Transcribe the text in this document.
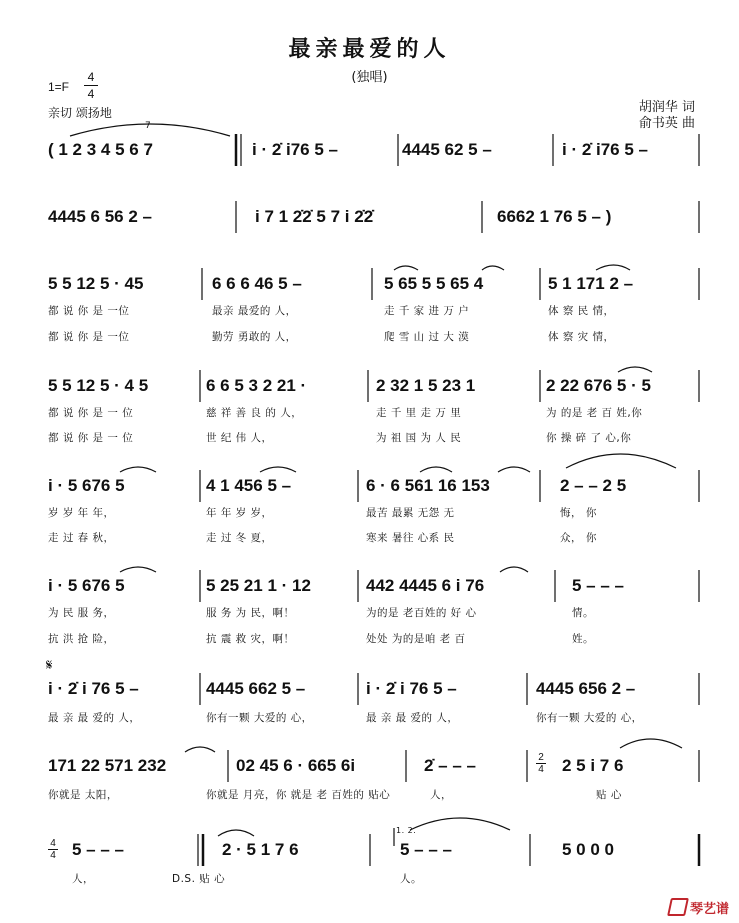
最亲最爱的人
(独唱)
1=F
4
4
亲切 颂扬地	胡润华 词
俞书英 曲
( 1 2 3 4 5 6 7
7
i · 2̇ i76 5 –	4445 62 5 –	i · 2̇ i76 5 –
4445 6 56 2 –	i 7 1 2̇2̇ 5 7 i 2̇2̇	6662 1 76 5 – )
5 5 12 5 · 45	6 6 6 46 5 –	5 65 5 5 65 4	5 1 171 2 –
都 说 你 是 一位	最亲 最爱的 人，	走 千 家 进 万 户	体 察 民 情，
都 说 你 是 一位	勤劳 勇敢的 人，	爬 雪 山 过 大 漠	体 察 灾 情，
5 5 12 5 · 4 5	6 6 5 3 2 21 ·	2 32 1 5 23 1	2 22 676 5 · 5
都 说 你 是 一 位	慈 祥 善 良 的 人，	走 千 里 走 万 里	为 的是 老 百 姓,你
都 说 你 是 一 位	世 纪 伟 人，	为 祖 国 为 人 民	你 操 碎 了 心,你
i · 5 676 5	4 1 456 5 –	6 · 6 561 16 153	2 – – 2 5
岁 岁 年 年，	年 年 岁 岁，	最苦 最累 无怨 无	悔， 你
走 过 春 秋，	走 过 冬 夏，	寒来 暑往 心系 民	众， 你
i · 5 676 5	5 25 21 1 · 12	442 4445 6 i 76	5 – – –
为 民 服 务，	服 务 为 民，啊！	为的是 老百姓的 好 心	情。
抗 洪 抢 险，	抗 震 救 灾，啊！	处处 为的是咱 老 百	姓。
𝄋
i · 2̇ i 76 5 –	4445 662 5 –	i · 2̇ i 76 5 –	4445 656 2 –
最 亲 最 爱的 人，	你有一颗 大爱的 心，	最 亲 最 爱的 人，	你有一颗 大爱的 心，
171 22 571 232	02 45 6 · 665 6i	2̇ – – –	2
4 2 5 i 7 6
你就是 太阳，	你就是 月亮，你 就是 老 百姓的 贴心	人，	贴 心
4
4 5 – – –	2 · 5 1 7 6
1. 2.
5 – – –	5 0 0 0
人，	D.S. 贴 心	人。
琴艺谱
